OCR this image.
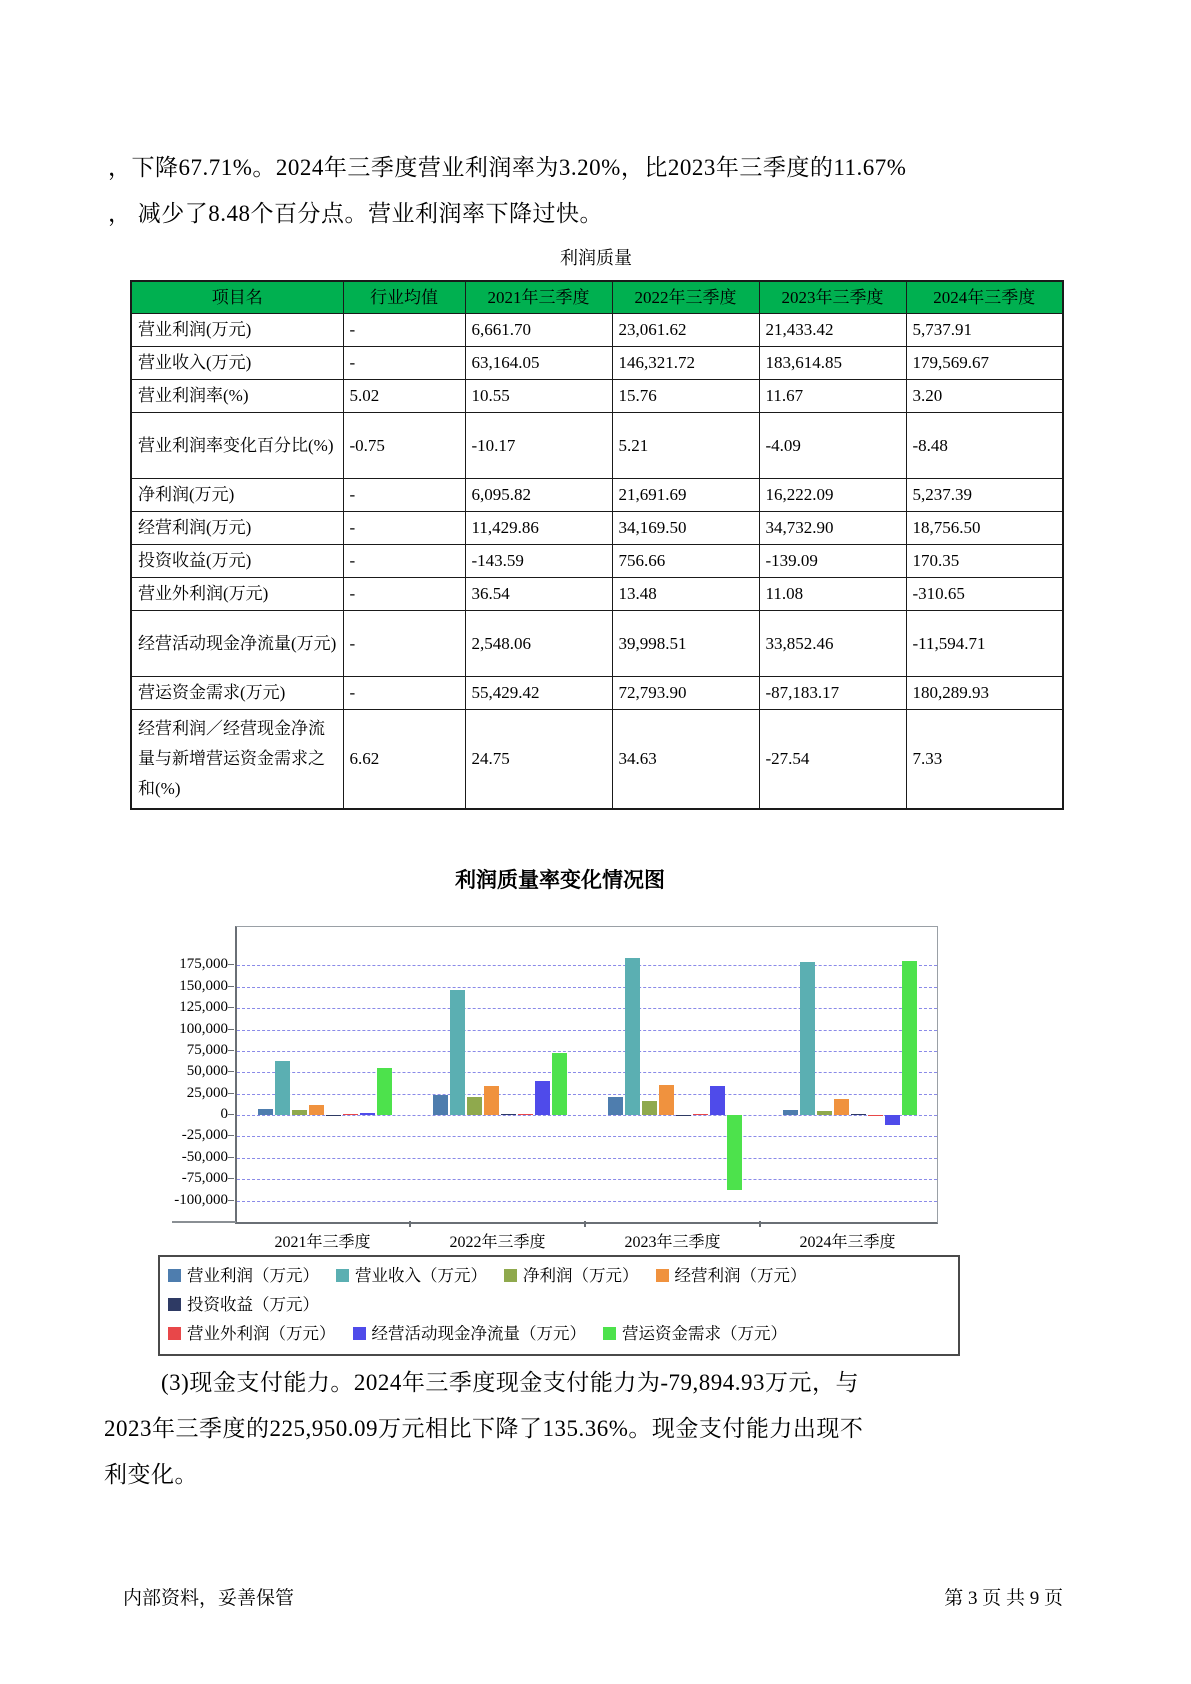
，下降67.71%。2024年三季度营业利润率为3.20%，比2023年三季度的11.67%
， 减少了8.48个百分点。营业利润率下降过快。
利润质量
项目名	行业均值	2021年三季度	2022年三季度	2023年三季度	2024年三季度
营业利润(万元)	-	6,661.70	23,061.62	21,433.42	5,737.91
营业收入(万元)	-	63,164.05	146,321.72	183,614.85	179,569.67
营业利润率(%)	5.02	10.55	15.76	11.67	3.20
营业利润率变化百分比(%)	-0.75	-10.17	5.21	-4.09	-8.48
净利润(万元)	-	6,095.82	21,691.69	16,222.09	5,237.39
经营利润(万元)	-	11,429.86	34,169.50	34,732.90	18,756.50
投资收益(万元)	-	-143.59	756.66	-139.09	170.35
营业外利润(万元)	-	36.54	13.48	11.08	-310.65
经营活动现金净流量(万元)	-	2,548.06	39,998.51	33,852.46	-11,594.71
营运资金需求(万元)	-	55,429.42	72,793.90	-87,183.17	180,289.93
经营利润／经营现金净流量与新增营运资金需求之和(%)	6.62	24.75	34.63	-27.54	7.33
利润质量率变化情况图
-100,000
-75,000
-50,000
-25,000
0
25,000
50,000
75,000
100,000
125,000
150,000
175,000
2021年三季度	2022年三季度	2023年三季度	2024年三季度
营业利润（万元） 营业收入（万元） 净利润（万元） 经营利润（万元）投资收益（万元）
营业外利润（万元） 经营活动现金净流量（万元） 营运资金需求（万元）
(3)现金支付能力。2024年三季度现金支付能力为-79,894.93万元，与
2023年三季度的225,950.09万元相比下降了135.36%。现金支付能力出现不
利变化。
内部资料，妥善保管	第 3 页 共 9 页
